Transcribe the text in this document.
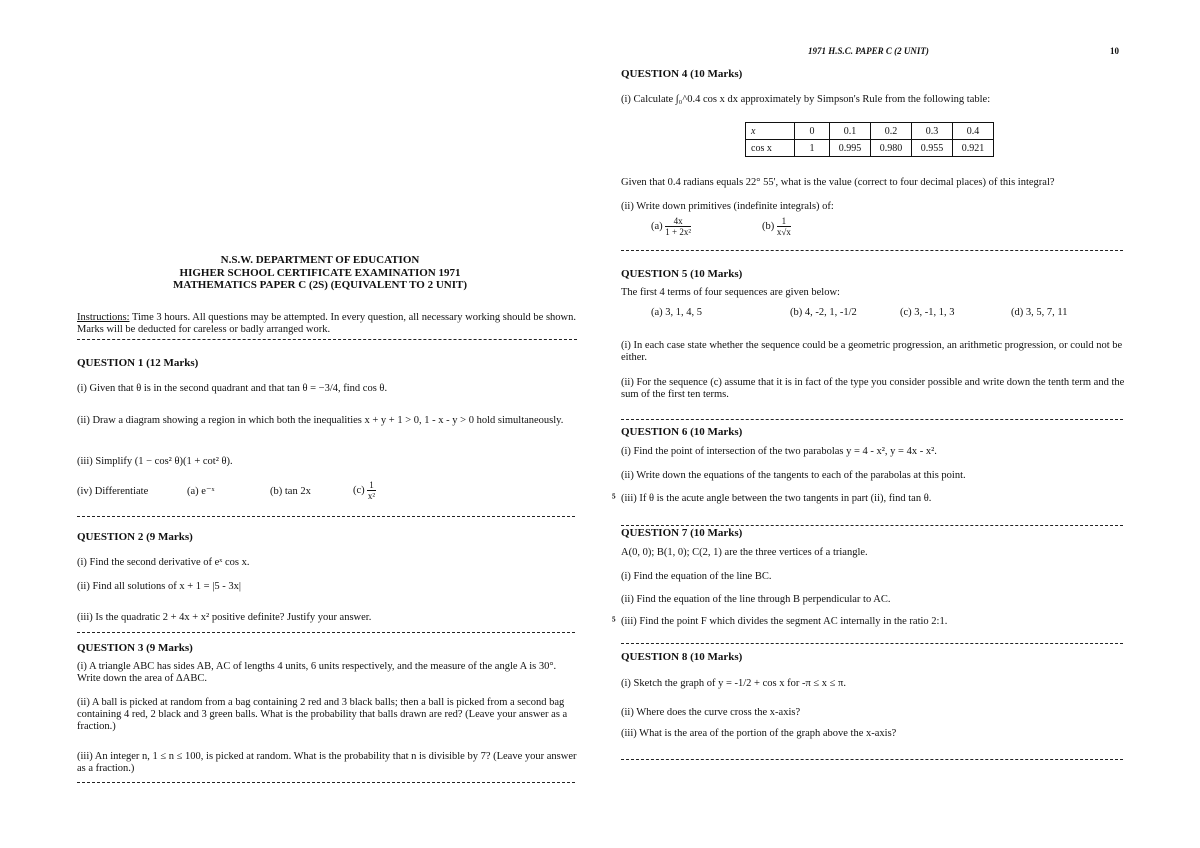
N.S.W. DEPARTMENT OF EDUCATION
HIGHER SCHOOL CERTIFICATE EXAMINATION 1971
MATHEMATICS PAPER C (2S) (EQUIVALENT TO 2 UNIT)
Instructions: Time 3 hours. All questions may be attempted. In every question, all necessary working should be shown. Marks will be deducted for careless or badly arranged work.
QUESTION 1 (12 Marks)
(i) Given that θ is in the second quadrant and that tan θ = −3/4, find cos θ.
(ii) Draw a diagram showing a region in which both the inequalities x + y + 1 > 0, 1 - x - y > 0 hold simultaneously.
(iii) Simplify (1 − cos² θ)(1 + cot² θ).
(iv) Differentiate	(a) e⁻ˣ	(b) tan 2x	$(c) \frac{1}{\text{x²}}$
QUESTION 2 (9 Marks)
(i) Find the second derivative of eˣ cos x.
(ii) Find all solutions of x + 1 = |5 - 3x|
(iii) Is the quadratic 2 + 4x + x² positive definite? Justify your answer.
QUESTION 3 (9 Marks)
(i) A triangle ABC has sides AB, AC of lengths 4 units, 6 units respectively, and the measure of the angle A is 30°. Write down the area of ΔABC.
(ii) A ball is picked at random from a bag containing 2 red and 3 black balls; then a ball is picked from a second bag containing 4 red, 2 black and 3 green balls. What is the probability that balls drawn are red? (Leave your answer as a fraction.)
(iii) An integer n, 1 ≤ n ≤ 100, is picked at random. What is the probability that n is divisible by 7? (Leave your answer as a fraction.)
1971 H.S.C. PAPER C (2 UNIT)	10
QUESTION 4 (10 Marks)
(i) Calculate ∫₀^0.4 cos x dx approximately by Simpson's Rule from the following table:
x	0	0.1	0.2	0.3	0.4
cos x	1	0.995	0.980	0.955	0.921
Given that 0.4 radians equals 22° 55', what is the value (correct to four decimal places) of this integral?
(ii) Write down primitives (indefinite integrals) of:
$(a) \frac{4x}{\text{1 + 2x²}}$	$(b) \frac{1}{x√x}$
QUESTION 5 (10 Marks)
The first 4 terms of four sequences are given below:
(a) 3, 1, 4, 5	(b) 4, -2, 1, -1/2	(c) 3, -1, 1, 3	(d) 3, 5, 7, 11
(i) In each case state whether the sequence could be a geometric progression, an arithmetic progression, or could not be either.
(ii) For the sequence (c) assume that it is in fact of the type you consider possible and write down the tenth term and the sum of the first ten terms.
QUESTION 6 (10 Marks)
(i) Find the point of intersection of the two parabolas y = 4 - x², y = 4x - x².
(ii) Write down the equations of the tangents to each of the parabolas at this point.
⁵ (iii) If θ is the acute angle between the two tangents in part (ii), find tan θ.
QUESTION 7 (10 Marks)
A(0, 0); B(1, 0); C(2, 1) are the three vertices of a triangle.
(i) Find the equation of the line BC.
(ii) Find the equation of the line through B perpendicular to AC.
⁵ (iii) Find the point F which divides the segment AC internally in the ratio 2:1.
QUESTION 8 (10 Marks)
(i) Sketch the graph of y = -1/2 + cos x for -π ≤ x ≤ π.
(ii) Where does the curve cross the x-axis?
(iii) What is the area of the portion of the graph above the x-axis?
